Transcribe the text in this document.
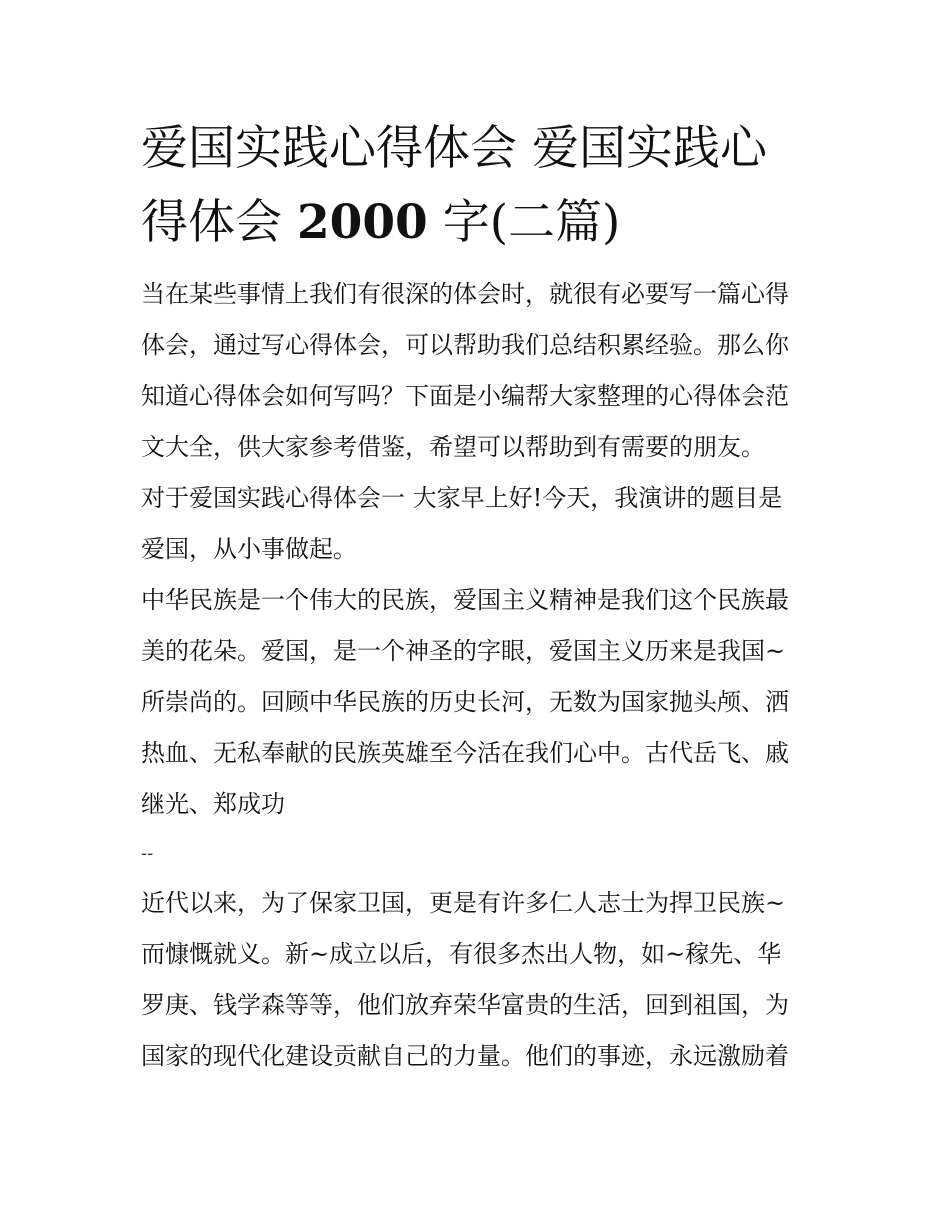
爱国实践心得体会 爱国实践心
得体会 2000 字(二篇)

当在某些事情上我们有很深的体会时，就很有必要写一篇心得
体会，通过写心得体会，可以帮助我们总结积累经验。那么你
知道心得体会如何写吗？下面是小编帮大家整理的心得体会范
文大全，供大家参考借鉴，希望可以帮助到有需要的朋友。

对于爱国实践心得体会一 大家早上好!今天，我演讲的题目是
爱国，从小事做起。

中华民族是一个伟大的民族，爱国主义精神是我们这个民族最
美的花朵。爱国，是一个神圣的字眼，爱国主义历来是我国~
所崇尚的。回顾中华民族的历史长河，无数为国家抛头颅、洒
热血、无私奉献的民族英雄至今活在我们心中。古代岳飞、戚
继光、郑成功

--

近代以来，为了保家卫国，更是有许多仁人志士为捍卫民族~
而慷慨就义。新~成立以后，有很多杰出人物，如~稼先、华
罗庚、钱学森等等，他们放弃荣华富贵的生活，回到祖国，为
国家的现代化建设贡献自己的力量。他们的事迹，永远激励着
